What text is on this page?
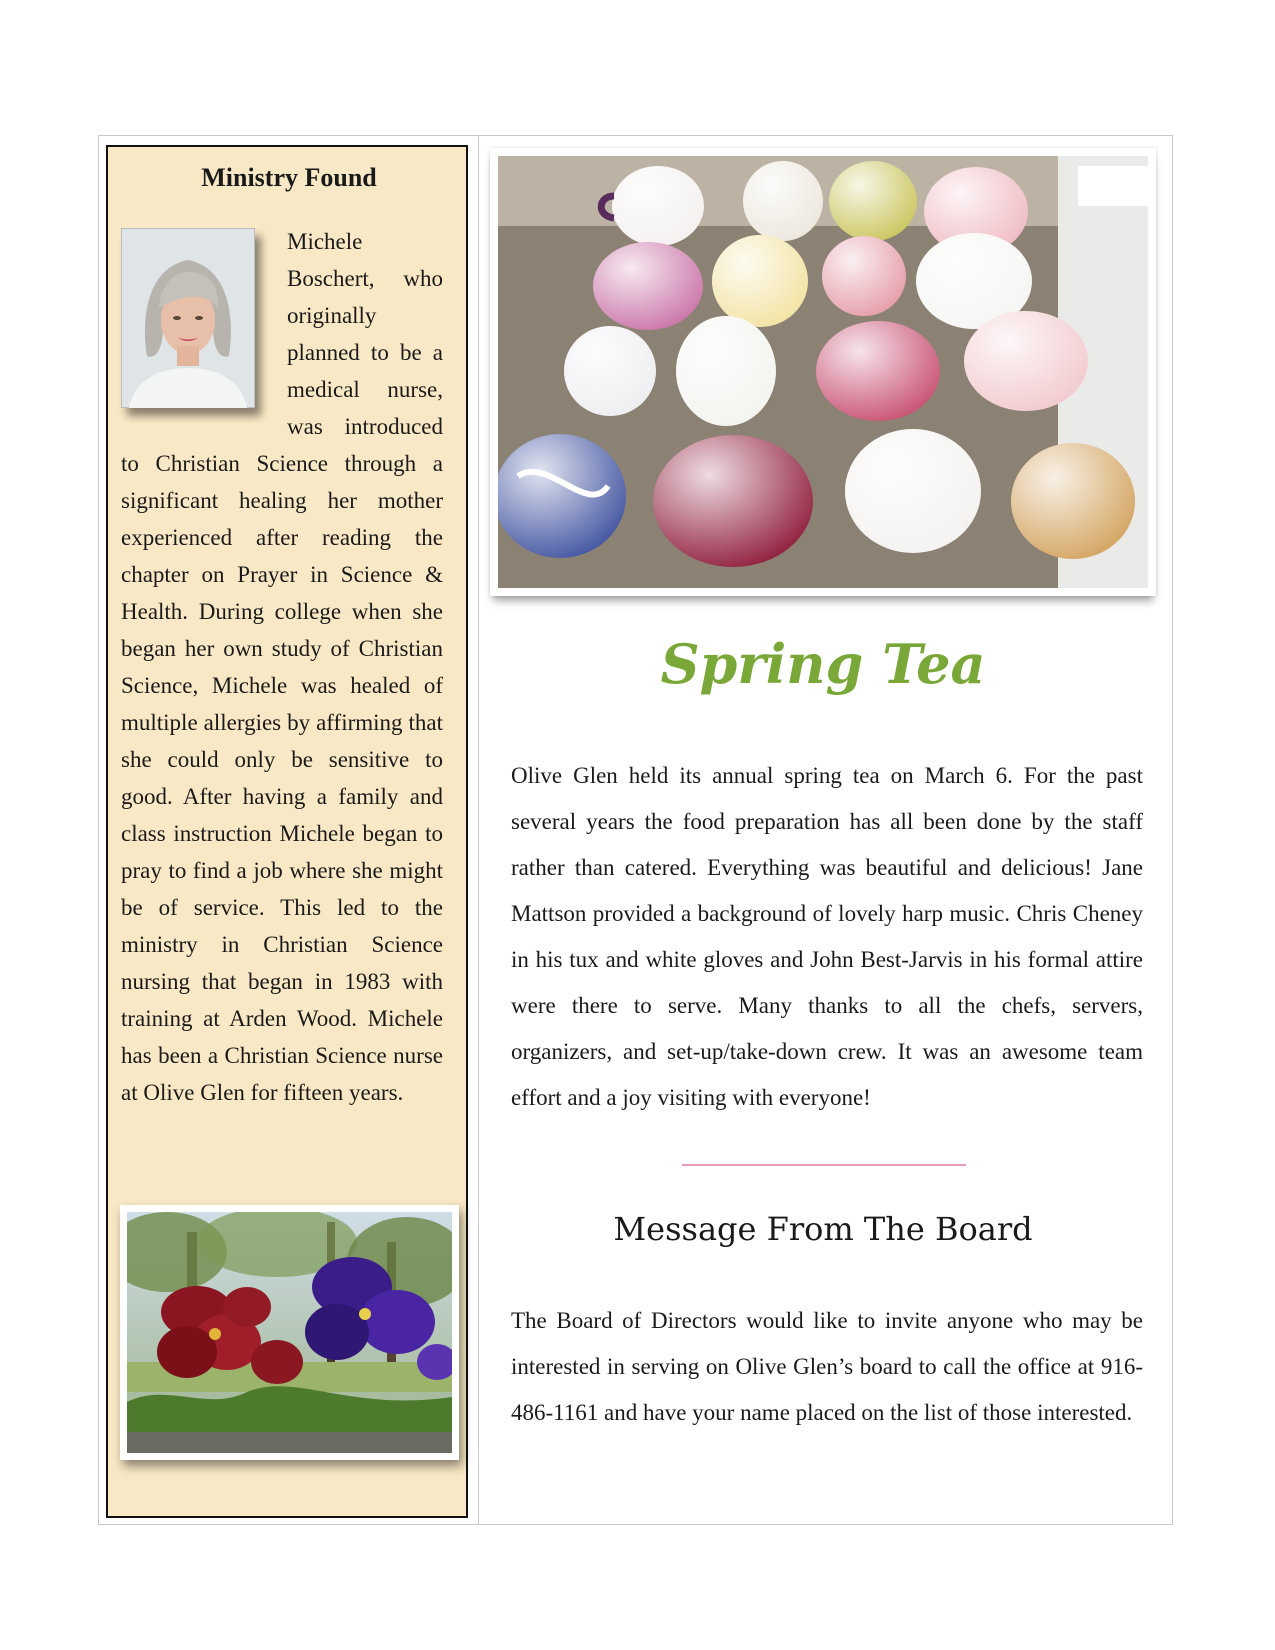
Ministry Found

Michele Boschert, who originally planned to be a medical nurse, was introduced to Christian Science through a significant healing her mother experienced after reading the chapter on Prayer in Science & Health. During college when she began her own study of Christian Science, Michele was healed of multiple allergies by affirming that she could only be sensitive to good. After having a family and class instruction Michele began to pray to find a job where she might be of service. This led to the ministry in Christian Science nursing that began in 1983 with training at Arden Wood. Michele has been a Christian Science nurse at Olive Glen for fifteen years.

Spring Tea

Olive Glen held its annual spring tea on March 6. For the past several years the food preparation has all been done by the staff rather than catered. Everything was beautiful and delicious! Jane Mattson provided a background of lovely harp music. Chris Cheney in his tux and white gloves and John Best-Jarvis in his formal attire were there to serve. Many thanks to all the chefs, servers, organizers, and set-up/take-down crew. It was an awesome team effort and a joy visiting with everyone!

Message From The Board

The Board of Directors would like to invite anyone who may be interested in serving on Olive Glen’s board to call the office at 916-486-1161 and have your name placed on the list of those interested.
